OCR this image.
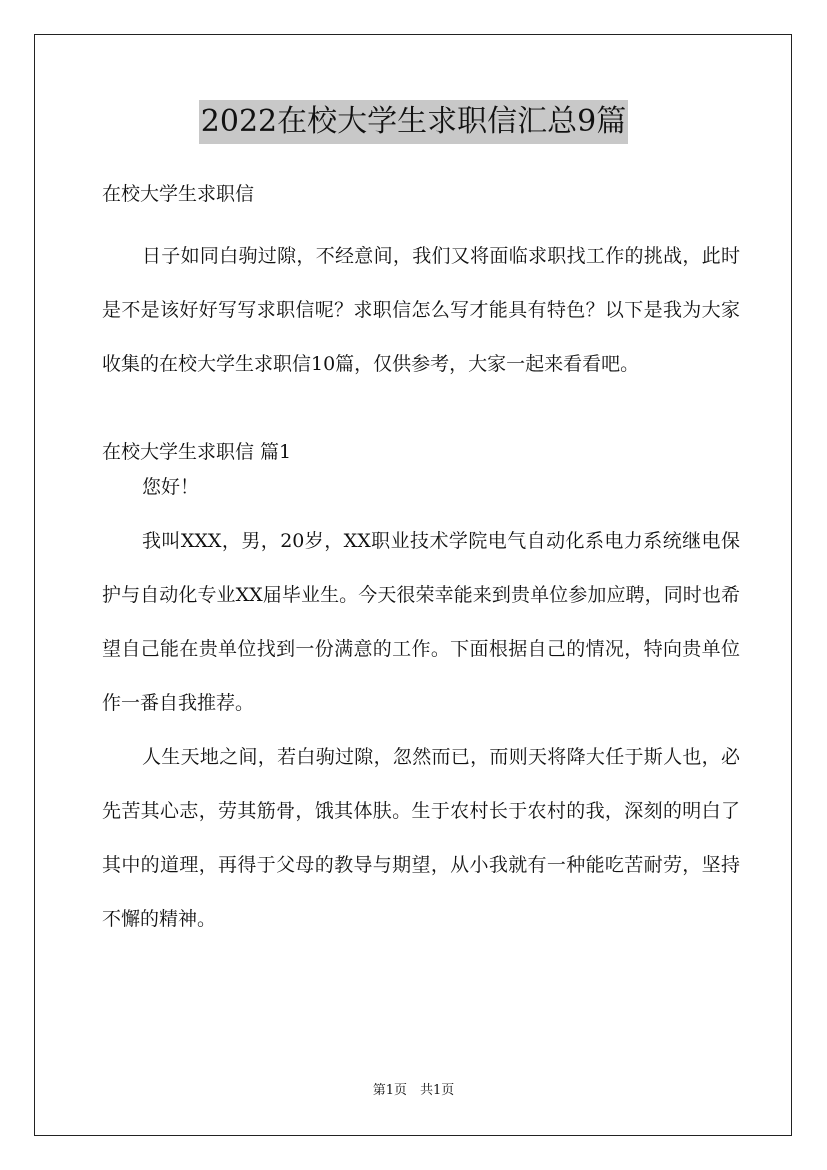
2022在校大学生求职信汇总9篇
在校大学生求职信

日子如同白驹过隙，不经意间，我们又将面临求职找工作的挑战，此时是不是该好好写写求职信呢？求职信怎么写才能具有特色？以下是我为大家收集的在校大学生求职信10篇，仅供参考，大家一起来看看吧。

在校大学生求职信 篇1

您好！

我叫XXX，男，20岁，XX职业技术学院电气自动化系电力系统继电保护与自动化专业XX届毕业生。今天很荣幸能来到贵单位参加应聘，同时也希望自己能在贵单位找到一份满意的工作。下面根据自己的情况，特向贵单位作一番自我推荐。

人生天地之间，若白驹过隙，忽然而已，而则天将降大任于斯人也，必先苦其心志，劳其筋骨，饿其体肤。生于农村长于农村的我，深刻的明白了其中的道理，再得于父母的教导与期望，从小我就有一种能吃苦耐劳，坚持不懈的精神。

第1页　共1页
